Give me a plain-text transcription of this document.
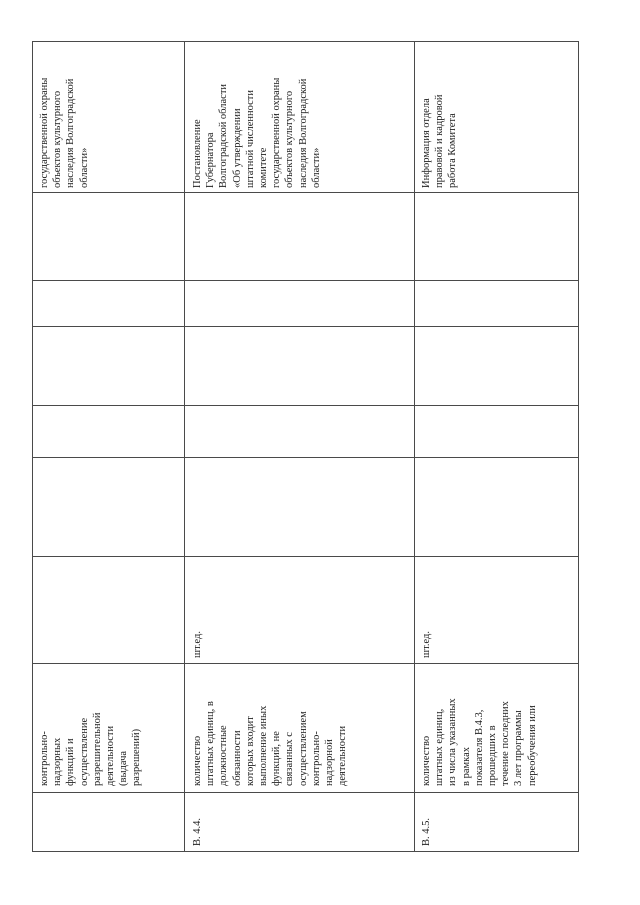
контрольно-
надзорных
функций и
осуществление
разрешительной
деятельности
(выдача
разрешений)
государственной охраны
объектов культурного
наследия Волгоградской
области»
В. 4.4.
количество
штатных единиц, в
должностные
обязанности
которых входит
выполнение иных
функций, не
связанных с
осуществлением
контрольно-
надзорной
деятельности
шт.ед.
Постановление
Губернатора
Волгоградской области
«Об утверждении
штатной численности
комитете
государственной охраны
объектов культурного
наследия Волгоградской
области»
В. 4.5.
количество
штатных единиц,
из числа указанных
в рамках
показателя В.4.3,
прошедших в
течение последних
3 лет программы
переобучения или
шт.ед.
Информация отдела
правовой и кадровой
работа Комитета
